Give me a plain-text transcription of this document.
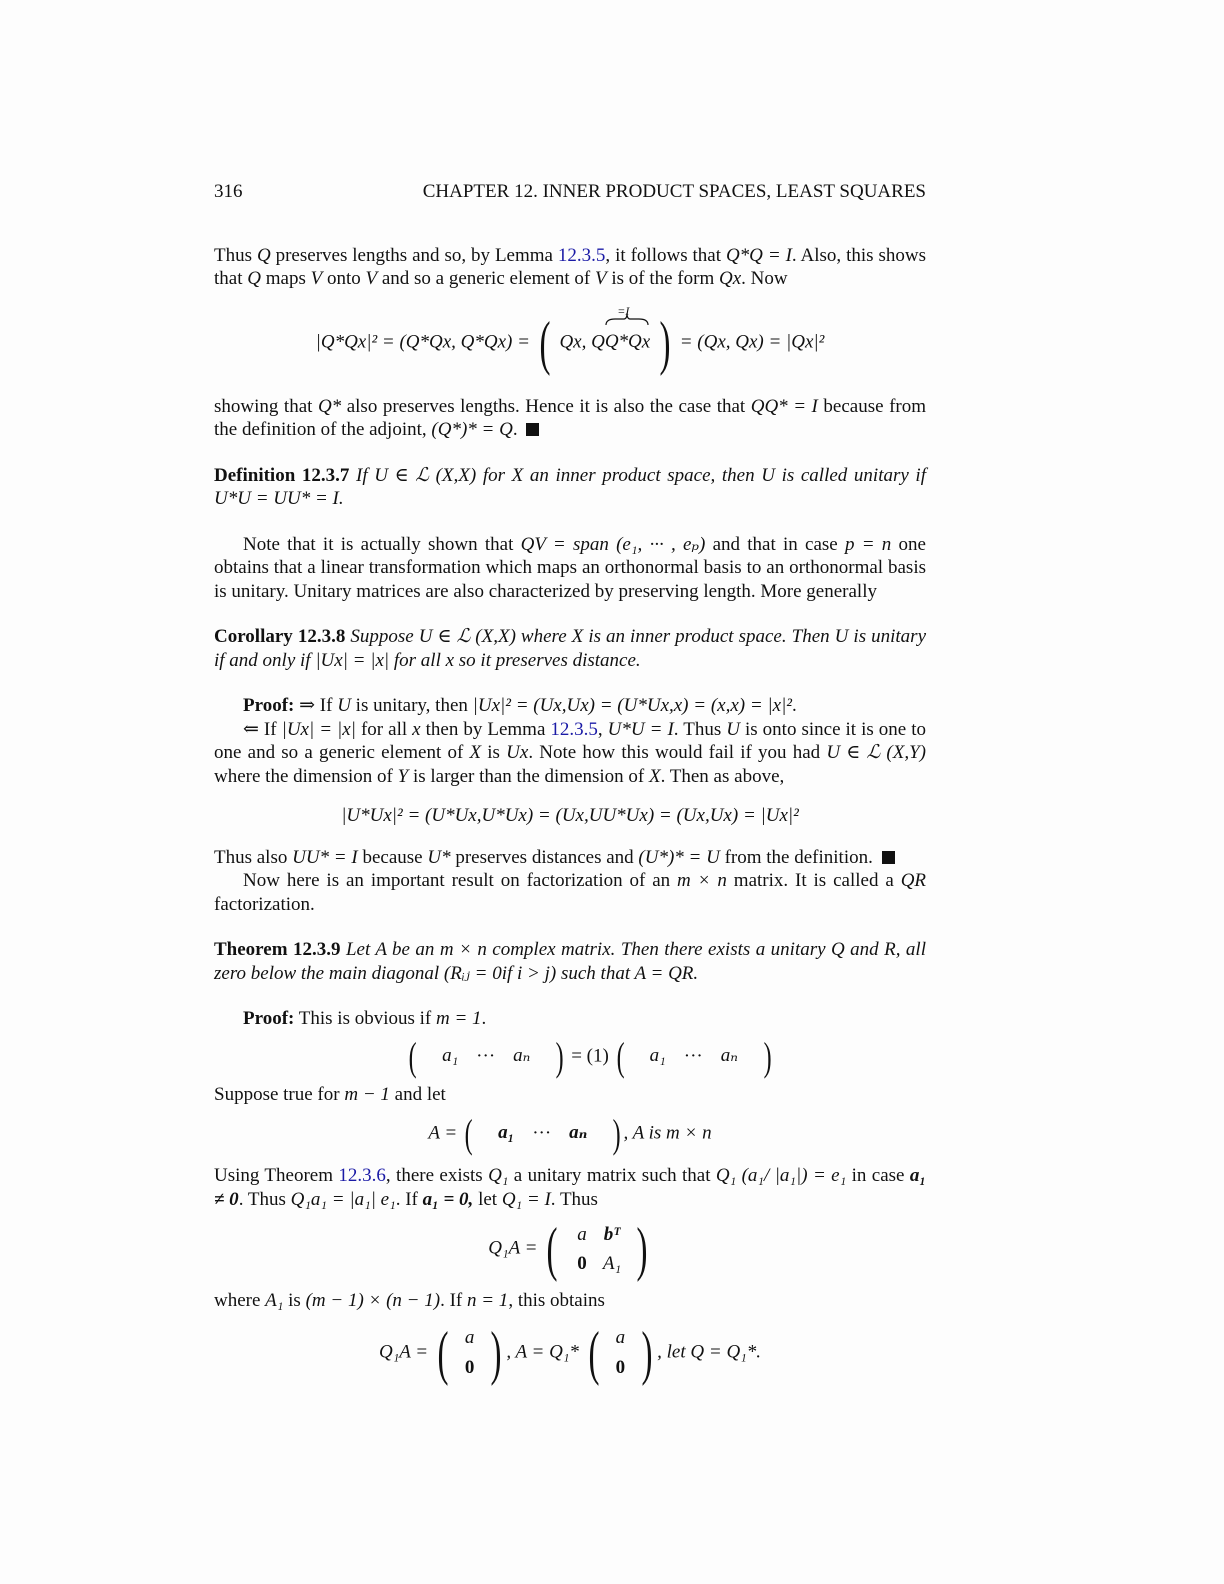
316	CHAPTER 12. INNER PRODUCT SPACES, LEAST SQUARES

Thus Q preserves lengths and so, by Lemma 12.3.5, it follows that Q*Q = I. Also, this shows that Q maps V onto V and so a generic element of V is of the form Qx. Now

|Q*Qx|² = (Q*Qx, Q*Qx) = ( Qx, Q
=I
Q*Qx ) = (Qx, Qx) = |Qx|²

showing that Q* also preserves lengths. Hence it is also the case that QQ* = I because from the definition of the adjoint, (Q*)* = Q.

Definition 12.3.7 If U ∈ ℒ (X,X) for X an inner product space, then U is called unitary if U*U = UU* = I.

Note that it is actually shown that QV = span (e₁, ··· , eₚ) and that in case p = n one obtains that a linear transformation which maps an orthonormal basis to an orthonormal basis is unitary. Unitary matrices are also characterized by preserving length. More generally

Corollary 12.3.8 Suppose U ∈ ℒ (X,X) where X is an inner product space. Then U is unitary if and only if |Ux| = |x| for all x so it preserves distance.

Proof: ⇒ If U is unitary, then |Ux|² = (Ux,Ux) = (U*Ux,x) = (x,x) = |x|².

⇐ If |Ux| = |x| for all x then by Lemma 12.3.5, U*U = I. Thus U is onto since it is one to one and so a generic element of X is Ux. Note how this would fail if you had U ∈ ℒ (X,Y) where the dimension of Y is larger than the dimension of X. Then as above,

|U*Ux|² = (U*Ux,U*Ux) = (Ux,UU*Ux) = (Ux,Ux) = |Ux|²

Thus also UU* = I because U* preserves distances and (U*)* = U from the definition.

Now here is an important result on factorization of an m × n matrix. It is called a QR factorization.

Theorem 12.3.9 Let A be an m × n complex matrix. Then there exists a unitary Q and R, all zero below the main diagonal (Rᵢⱼ = 0if i > j) such that A = QR.

Proof: This is obvious if m = 1.

( a₁ ··· aₙ ) = (1) ( a₁ ··· aₙ )

Suppose true for m − 1 and let

A = ( a₁ ··· aₙ ) , A is m × n

Using Theorem 12.3.6, there exists Q₁ a unitary matrix such that Q₁ (a₁/ |a₁|) = e₁ in case a₁ ≠ 0. Thus Q₁a₁ = |a₁| e₁. If a₁ = 0, let Q₁ = I. Thus

Q₁A = (	a bᵀ
0 A₁ )

where A₁ is (m − 1) × (n − 1). If n = 1, this obtains

Q₁A = ( a
0 ) , A = Q₁* ( a
0 ) , let Q = Q₁*.
